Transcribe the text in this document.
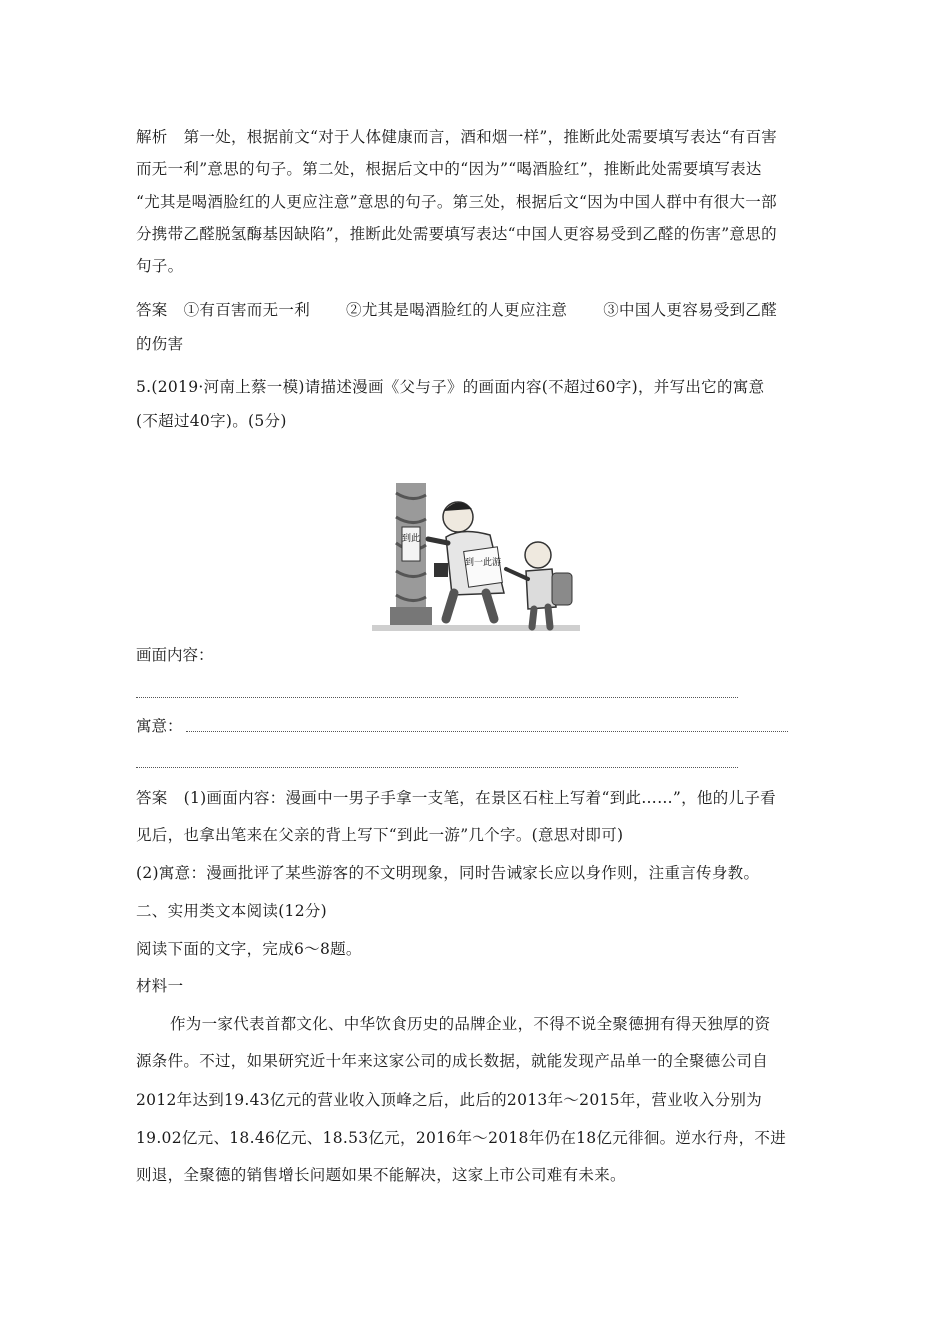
解析 第一处，根据前文“对于人体健康而言，酒和烟一样”，推断此处需要填写表达“有百害
而无一利”意思的句子。第二处，根据后文中的“因为”“喝酒脸红”，推断此处需要填写表达
“尤其是喝酒脸红的人更应注意”意思的句子。第三处，根据后文“因为中国人群中有很大一部
分携带乙醛脱氢酶基因缺陷”，推断此处需要填写表达“中国人更容易受到乙醛的伤害”意思的
句子。
答案 ①有百害而无一利 ②尤其是喝酒脸红的人更应注意 ③中国人更容易受到乙醛
的伤害
5.(2019·河南上蔡一模)请描述漫画《父与子》的画面内容(不超过60字)，并写出它的寓意
(不超过40字)。(5分)
到此
到一此游
画面内容：
寓意：
答案 (1)画面内容：漫画中一男子手拿一支笔，在景区石柱上写着“到此……”，他的儿子看
见后，也拿出笔来在父亲的背上写下“到此一游”几个字。(意思对即可)
(2)寓意：漫画批评了某些游客的不文明现象，同时告诫家长应以身作则，注重言传身教。
二、实用类文本阅读(12分)
阅读下面的文字，完成6～8题。
材料一
作为一家代表首都文化、中华饮食历史的品牌企业，不得不说全聚德拥有得天独厚的资
源条件。不过，如果研究近十年来这家公司的成长数据，就能发现产品单一的全聚德公司自
2012年达到19.43亿元的营业收入顶峰之后，此后的2013年～2015年，营业收入分别为
19.02亿元、18.46亿元、18.53亿元，2016年～2018年仍在18亿元徘徊。逆水行舟，不进
则退，全聚德的销售增长问题如果不能解决，这家上市公司难有未来。
